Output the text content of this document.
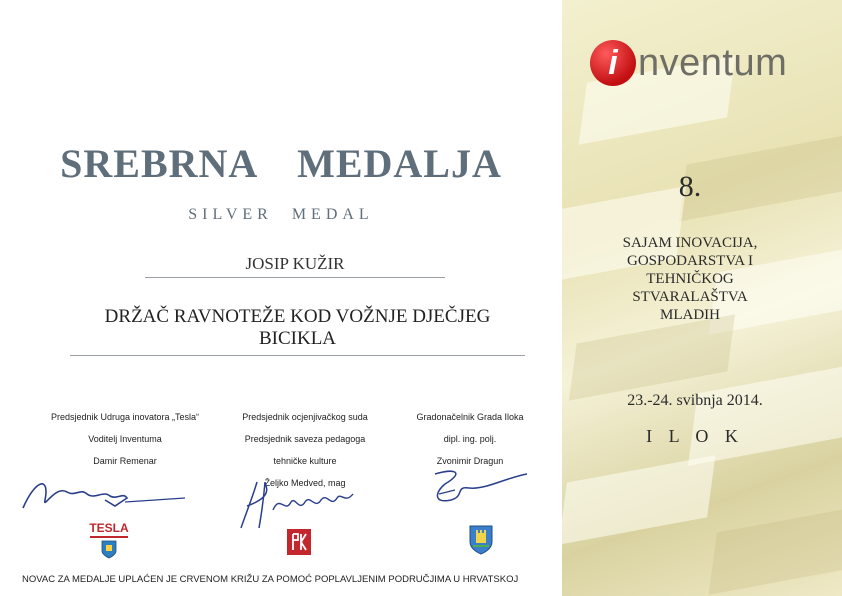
i nventum
8.
SAJAM INOVACIJA,
GOSPODARSTVA I
TEHNIČKOG
STVARALAŠTVA
MLADIH
23.-24. svibnja 2014.
I L O K
SREBRNA MEDALJA
SILVER MEDAL
JOSIP KUŽIR
DRŽAČ RAVNOTEŽE KOD VOŽNJE DJEČJEG BICIKLA
Predsjednik Udruga inovatora „Tesla“
Voditelj Inventuma
Damir Remenar
Predsjednik ocjenjivačkog suda
Predsjednik saveza pedagoga
tehničke kulture
Željko Medved, mag
Gradonačelnik Grada Iloka
dipl. ing. polj.
Zvonimir Dragun
TESLA
NOVAC ZA MEDALJE UPLAĆEN JE CRVENOM KRIŽU ZA POMOĆ POPLAVLJENIM PODRUČJIMA U HRVATSKOJ
